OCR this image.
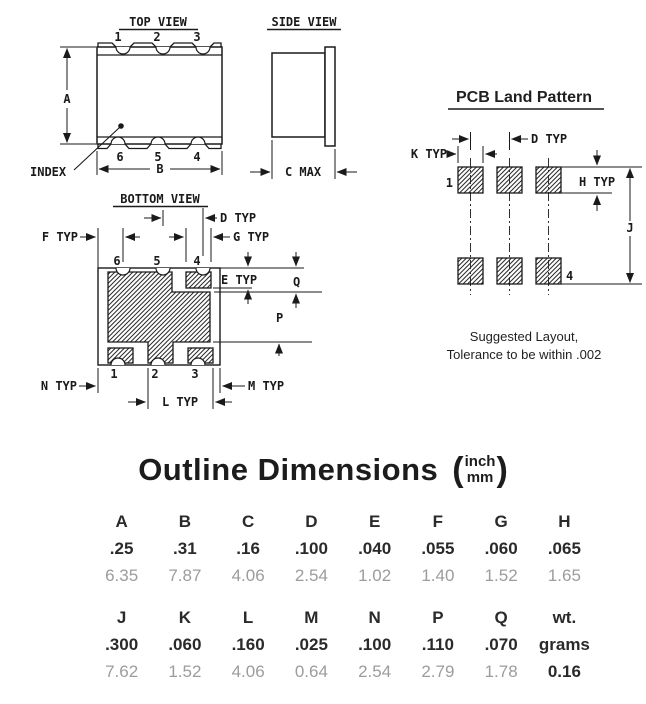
TOP VIEW
1	2	3
6	5	4
A
B
INDEX
SIDE VIEW
C MAX
PCB Land Pattern
1
4
D TYP
K TYP
H TYP
J
Suggested Layout,
Tolerance to be within .002
BOTTOM VIEW
6	5	4
1	2	3
D TYP
F TYP	G TYP
E TYP	Q
P
N TYP	M TYP
L TYP
Outline Dimensions ( inch
mm )
A	B	C	D	E	F	G	H
.25	.31	.16	.100	.040	.055	.060	.065
6.35	7.87	4.06	2.54	1.02	1.40	1.52	1.65
J	K	L	M	N	P	Q	wt.
.300	.060	.160	.025	.100	.110	.070	grams
7.62	1.52	4.06	0.64	2.54	2.79	1.78	0.16
